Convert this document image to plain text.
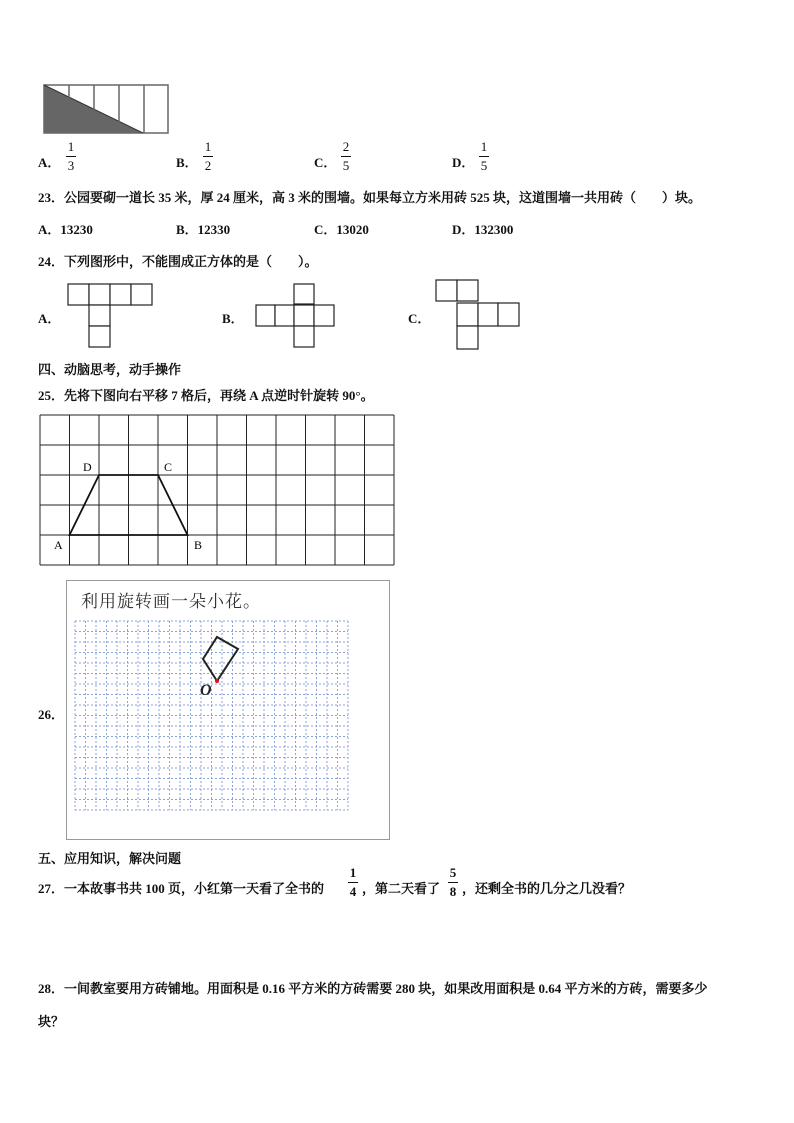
A．
1
3	B．
1
2	C．
2
5	D．
1
5
23．公园要砌一道长 35 米，厚 24 厘米，高 3 米的围墙。如果每立方米用砖 525 块，这道围墙一共用砖（　　）块。
A．13230	B．12330	C．13020	D．132300
24．下列图形中，不能围成正方体的是（　　）。
A．	B．	C．
四、动脑思考，动手操作
25．先将下图向右平移 7 格后，再绕 A 点逆时针旋转 90°。
A	B
C
D
26．
利用旋转画一朵小花。
O
五、应用知识，解决问题
27．一本故事书共 100 页，小红第一天看了全书的
1
4 ，第二天看了
5
8 ，还剩全书的几分之几没看？
28．一间教室要用方砖铺地。用面积是 0.16 平方米的方砖需要 280 块，如果改用面积是 0.64 平方米的方砖，需要多少
块？
